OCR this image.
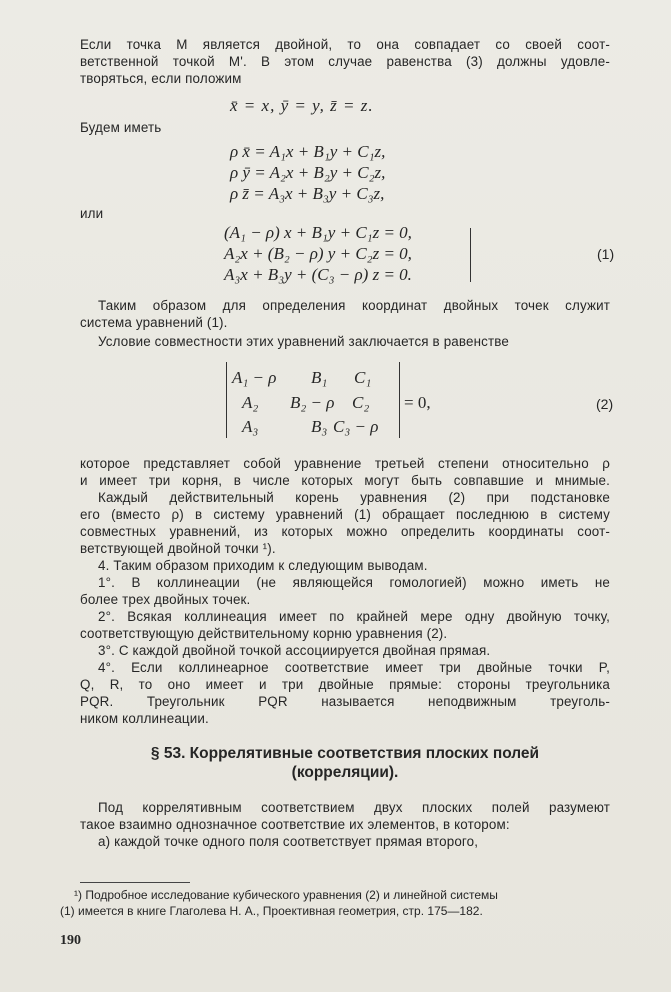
Если точка M является двойной, то она совпадает со своей соот-
ветственной точкой M'. В этом случае равенства (3) должны удовле-
творяться, если положим
x̄ = x, ȳ = y, z̄ = z.
Будем иметь
ρ x̄ = A₁x + B₁y + C₁z,
ρ ȳ = A₂x + B₂y + C₂z,
ρ z̄ = A₃x + B₃y + C₃z,
или
(A₁ − ρ) x + B₁y + C₁z = 0,
A₂x + (B₂ − ρ) y + C₂z = 0,
A₃x + B₃y + (C₃ − ρ) z = 0.
(1)
Таким образом для определения координат двойных точек служит
система уравнений (1).
Условие совместности этих уравнений заключается в равенстве
A₁ − ρ B₁ C₁
A₂ B₂ − ρ C₂
A₃	B₃ C₃ − ρ
= 0,	(2)
которое представляет собой уравнение третьей степени относительно ρ
и имеет три корня, в числе которых могут быть совпавшие и мнимые.
Каждый действительный корень уравнения (2) при подстановке
его (вместо ρ) в систему уравнений (1) обращает последнюю в систему
совместных уравнений, из которых можно определить координаты соот-
ветствующей двойной точки ¹).
4. Таким образом приходим к следующим выводам.
1°. В коллинеации (не являющейся гомологией) можно иметь не
более трех двойных точек.
2°. Всякая коллинеация имеет по крайней мере одну двойную точку,
соответствующую действительному корню уравнения (2).
3°. С каждой двойной точкой ассоциируется двойная прямая.
4°. Если коллинеарное соответствие имеет три двойные точки P,
Q, R, то оно имеет и три двойные прямые: стороны треугольника
PQR. Треугольник PQR называется неподвижным треуголь-
ником коллинеации.
§ 53. Коррелятивные соответствия плоских полей
(корреляции).
Под коррелятивным соответствием двух плоских полей разумеют
такое взаимно однозначное соответствие их элементов, в котором:
а) каждой точке одного поля соответствует прямая второго,
¹) Подробное исследование кубического уравнения (2) и линейной системы
(1) имеется в книге Глаголева Н. А., Проективная геометрия, стр. 175—182.
190
